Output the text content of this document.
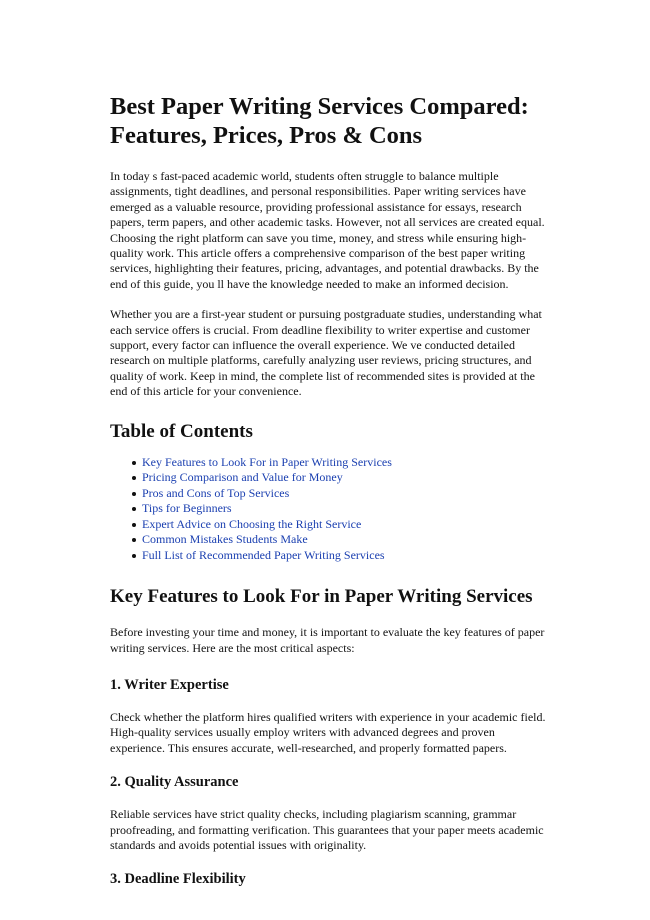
Best Paper Writing Services Compared:
Features, Prices, Pros & Cons

In today s fast-paced academic world, students often struggle to balance multiple assignments, tight deadlines, and personal responsibilities. Paper writing services have emerged as a valuable resource, providing professional assistance for essays, research papers, term papers, and other academic tasks. However, not all services are created equal. Choosing the right platform can save you time, money, and stress while ensuring high-quality work. This article offers a comprehensive comparison of the best paper writing services, highlighting their features, pricing, advantages, and potential drawbacks. By the end of this guide, you ll have the knowledge needed to make an informed decision.

Whether you are a first-year student or pursuing postgraduate studies, understanding what each service offers is crucial. From deadline flexibility to writer expertise and customer support, every factor can influence the overall experience. We ve conducted detailed research on multiple platforms, carefully analyzing user reviews, pricing structures, and quality of work. Keep in mind, the complete list of recommended sites is provided at the end of this article for your convenience.

Table of Contents
Key Features to Look For in Paper Writing Services
Pricing Comparison and Value for Money
Pros and Cons of Top Services
Tips for Beginners
Expert Advice on Choosing the Right Service
Common Mistakes Students Make
Full List of Recommended Paper Writing Services
Key Features to Look For in Paper Writing Services

Before investing your time and money, it is important to evaluate the key features of paper writing services. Here are the most critical aspects:

1. Writer Expertise

Check whether the platform hires qualified writers with experience in your academic field. High-quality services usually employ writers with advanced degrees and proven experience. This ensures accurate, well-researched, and properly formatted papers.

2. Quality Assurance

Reliable services have strict quality checks, including plagiarism scanning, grammar proofreading, and formatting verification. This guarantees that your paper meets academic standards and avoids potential issues with originality.

3. Deadline Flexibility
